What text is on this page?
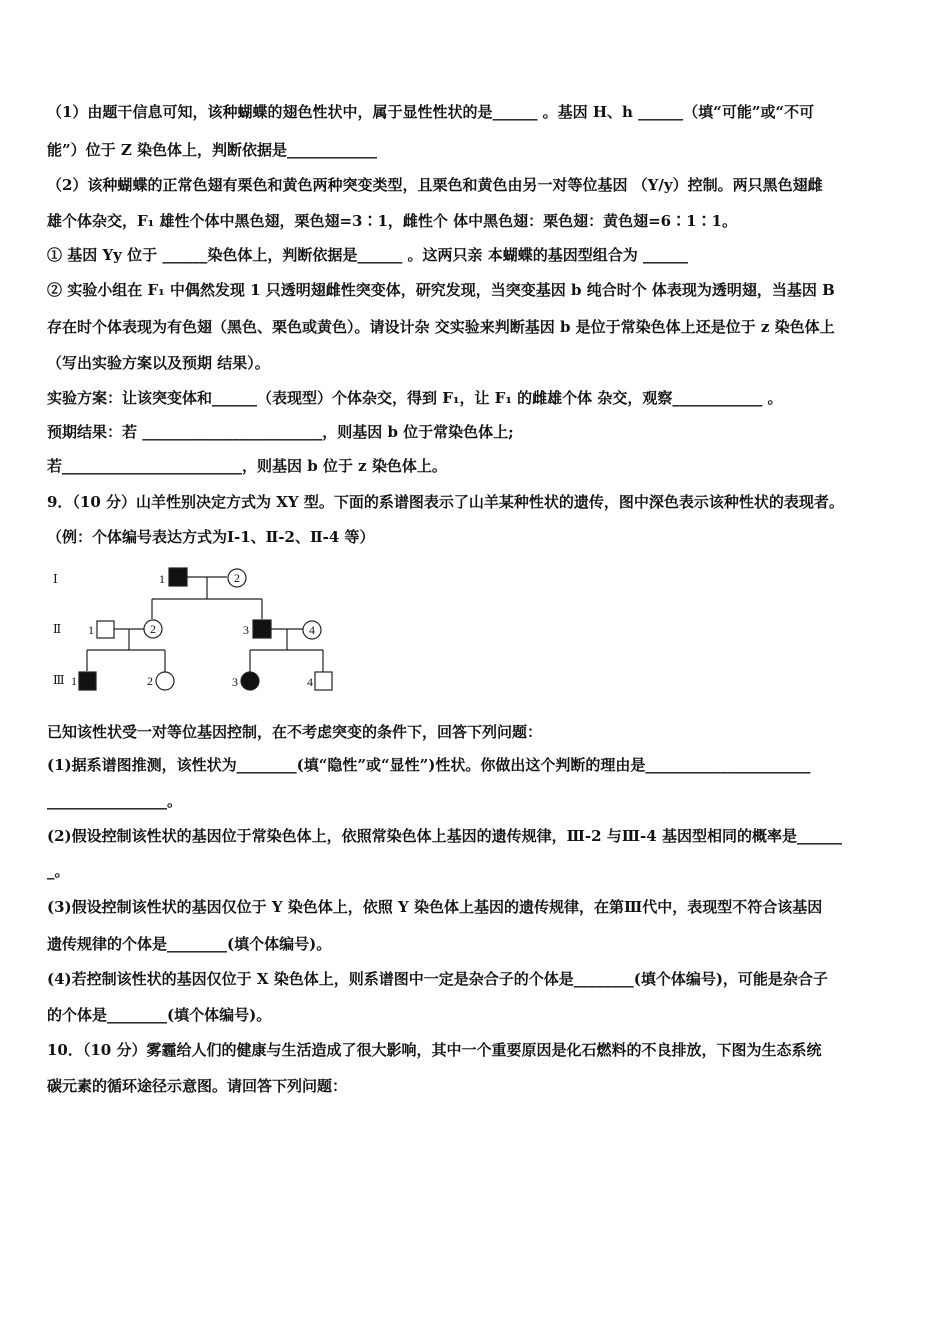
（1）由题干信息可知，该种蝴蝶的翅色性状中，属于显性性状的是______ 。基因 H、h ______（填“可能”或“不可
能”）位于 Z 染色体上，判断依据是____________
（2）该种蝴蝶的正常色翅有栗色和黄色两种突变类型，且栗色和黄色由另一对等位基因 （Y/y）控制。两只黑色翅雌
雄个体杂交，F₁ 雄性个体中黑色翅，栗色翅=3∶1，雌性个 体中黑色翅：栗色翅：黄色翅=6∶1∶1。
① 基因 Yy 位于 ______染色体上，判断依据是______ 。这两只亲 本蝴蝶的基因型组合为 ______
② 实验小组在 F₁ 中偶然发现 1 只透明翅雌性突变体，研究发现，当突变基因 b 纯合时个 体表现为透明翅，当基因 B
存在时个体表现为有色翅（黑色、栗色或黄色）。请设计杂 交实验来判断基因 b 是位于常染色体上还是位于 z 染色体上
（写出实验方案以及预期 结果）。
实验方案：让该突变体和______（表现型）个体杂交，得到 F₁，让 F₁ 的雌雄个体 杂交，观察____________ 。
预期结果：若 ________________________，则基因 b 位于常染色体上;
若________________________，则基因 b 位于 z 染色体上。
9．（10 分）山羊性别决定方式为 XY 型。下面的系谱图表示了山羊某种性状的遗传，图中深色表示该种性状的表现者。
（例：个体编号表达方式为Ⅰ-1、Ⅱ-2、Ⅱ-4 等）
Ⅰ
Ⅱ
Ⅲ
1	2
1	2	3	4
1	2	3	4
已知该性状受一对等位基因控制，在不考虑突变的条件下，回答下列问题：
(1)据系谱图推测，该性状为________(填“隐性”或“显性”)性状。你做出这个判断的理由是______________________
________________。
(2)假设控制该性状的基因位于常染色体上，依照常染色体上基因的遗传规律，Ⅲ-2 与Ⅲ-4 基因型相同的概率是______
_。
(3)假设控制该性状的基因仅位于 Y 染色体上，依照 Y 染色体上基因的遗传规律，在第Ⅲ代中，表现型不符合该基因
遗传规律的个体是________(填个体编号)。
(4)若控制该性状的基因仅位于 X 染色体上，则系谱图中一定是杂合子的个体是________(填个体编号)，可能是杂合子
的个体是________(填个体编号)。
10．（10 分）雾霾给人们的健康与生活造成了很大影响，其中一个重要原因是化石燃料的不良排放，下图为生态系统
碳元素的循环途径示意图。请回答下列问题：
